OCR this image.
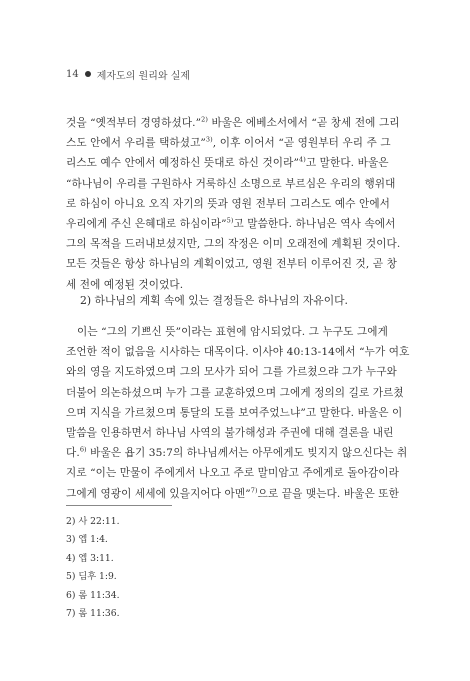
14 제자도의 원리와 실제
것을 “옛적부터 경영하셨다.”$^{2)}$ 바울은 에베소서에서 “곧 창세 전에 그리
스도 안에서 우리를 택하셨고”$^{3)}$, 이후 이어서 “곧 영원부터 우리 주 그
리스도 예수 안에서 예정하신 뜻대로 하신 것이라”$^{4)}$고 말한다. 바울은
“하나님이 우리를 구원하사 거룩하신 소명으로 부르심은 우리의 행위대
로 하심이 아니요 오직 자기의 뜻과 영원 전부터 그리스도 예수 안에서
우리에게 주신 은혜대로 하심이라”$^{5)}$고 말씀한다. 하나님은 역사 속에서
그의 목적을 드러내보셨지만, 그의 작정은 이미 오래전에 계획된 것이다.
모든 것들은 항상 하나님의 계획이었고, 영원 전부터 이루어진 것, 곧 창
세 전에 예정된 것이었다.
2) 하나님의 계획 속에 있는 결정들은 하나님의 자유이다.
이는 “그의 기쁘신 뜻”이라는 표현에 암시되었다. 그 누구도 그에게
조언한 적이 없음을 시사하는 대목이다. 이사야 40:13-14에서 “누가 여호
와의 영을 지도하였으며 그의 모사가 되어 그를 가르쳤으랴 그가 누구와
더불어 의논하셨으며 누가 그를 교훈하였으며 그에게 정의의 길로 가르쳤
으며 지식을 가르쳤으며 통달의 도를 보여주었느냐”고 말한다. 바울은 이
말씀을 인용하면서 하나님 사역의 불가해성과 주권에 대해 결론을 내린
다.$^{6)}$ 바울은 욥기 35:7의 하나님께서는 아무에게도 빚지지 않으신다는 취
지로 “이는 만물이 주에게서 나오고 주로 말미암고 주에게로 돌아감이라
그에게 영광이 세세에 있을지어다 아멘”$^{7)}$으로 끝을 맺는다. 바울은 또한
2) 사 22:11.
3) 엡 1:4.
4) 엡 3:11.
5) 딤후 1:9.
6) 롬 11:34.
7) 롬 11:36.
